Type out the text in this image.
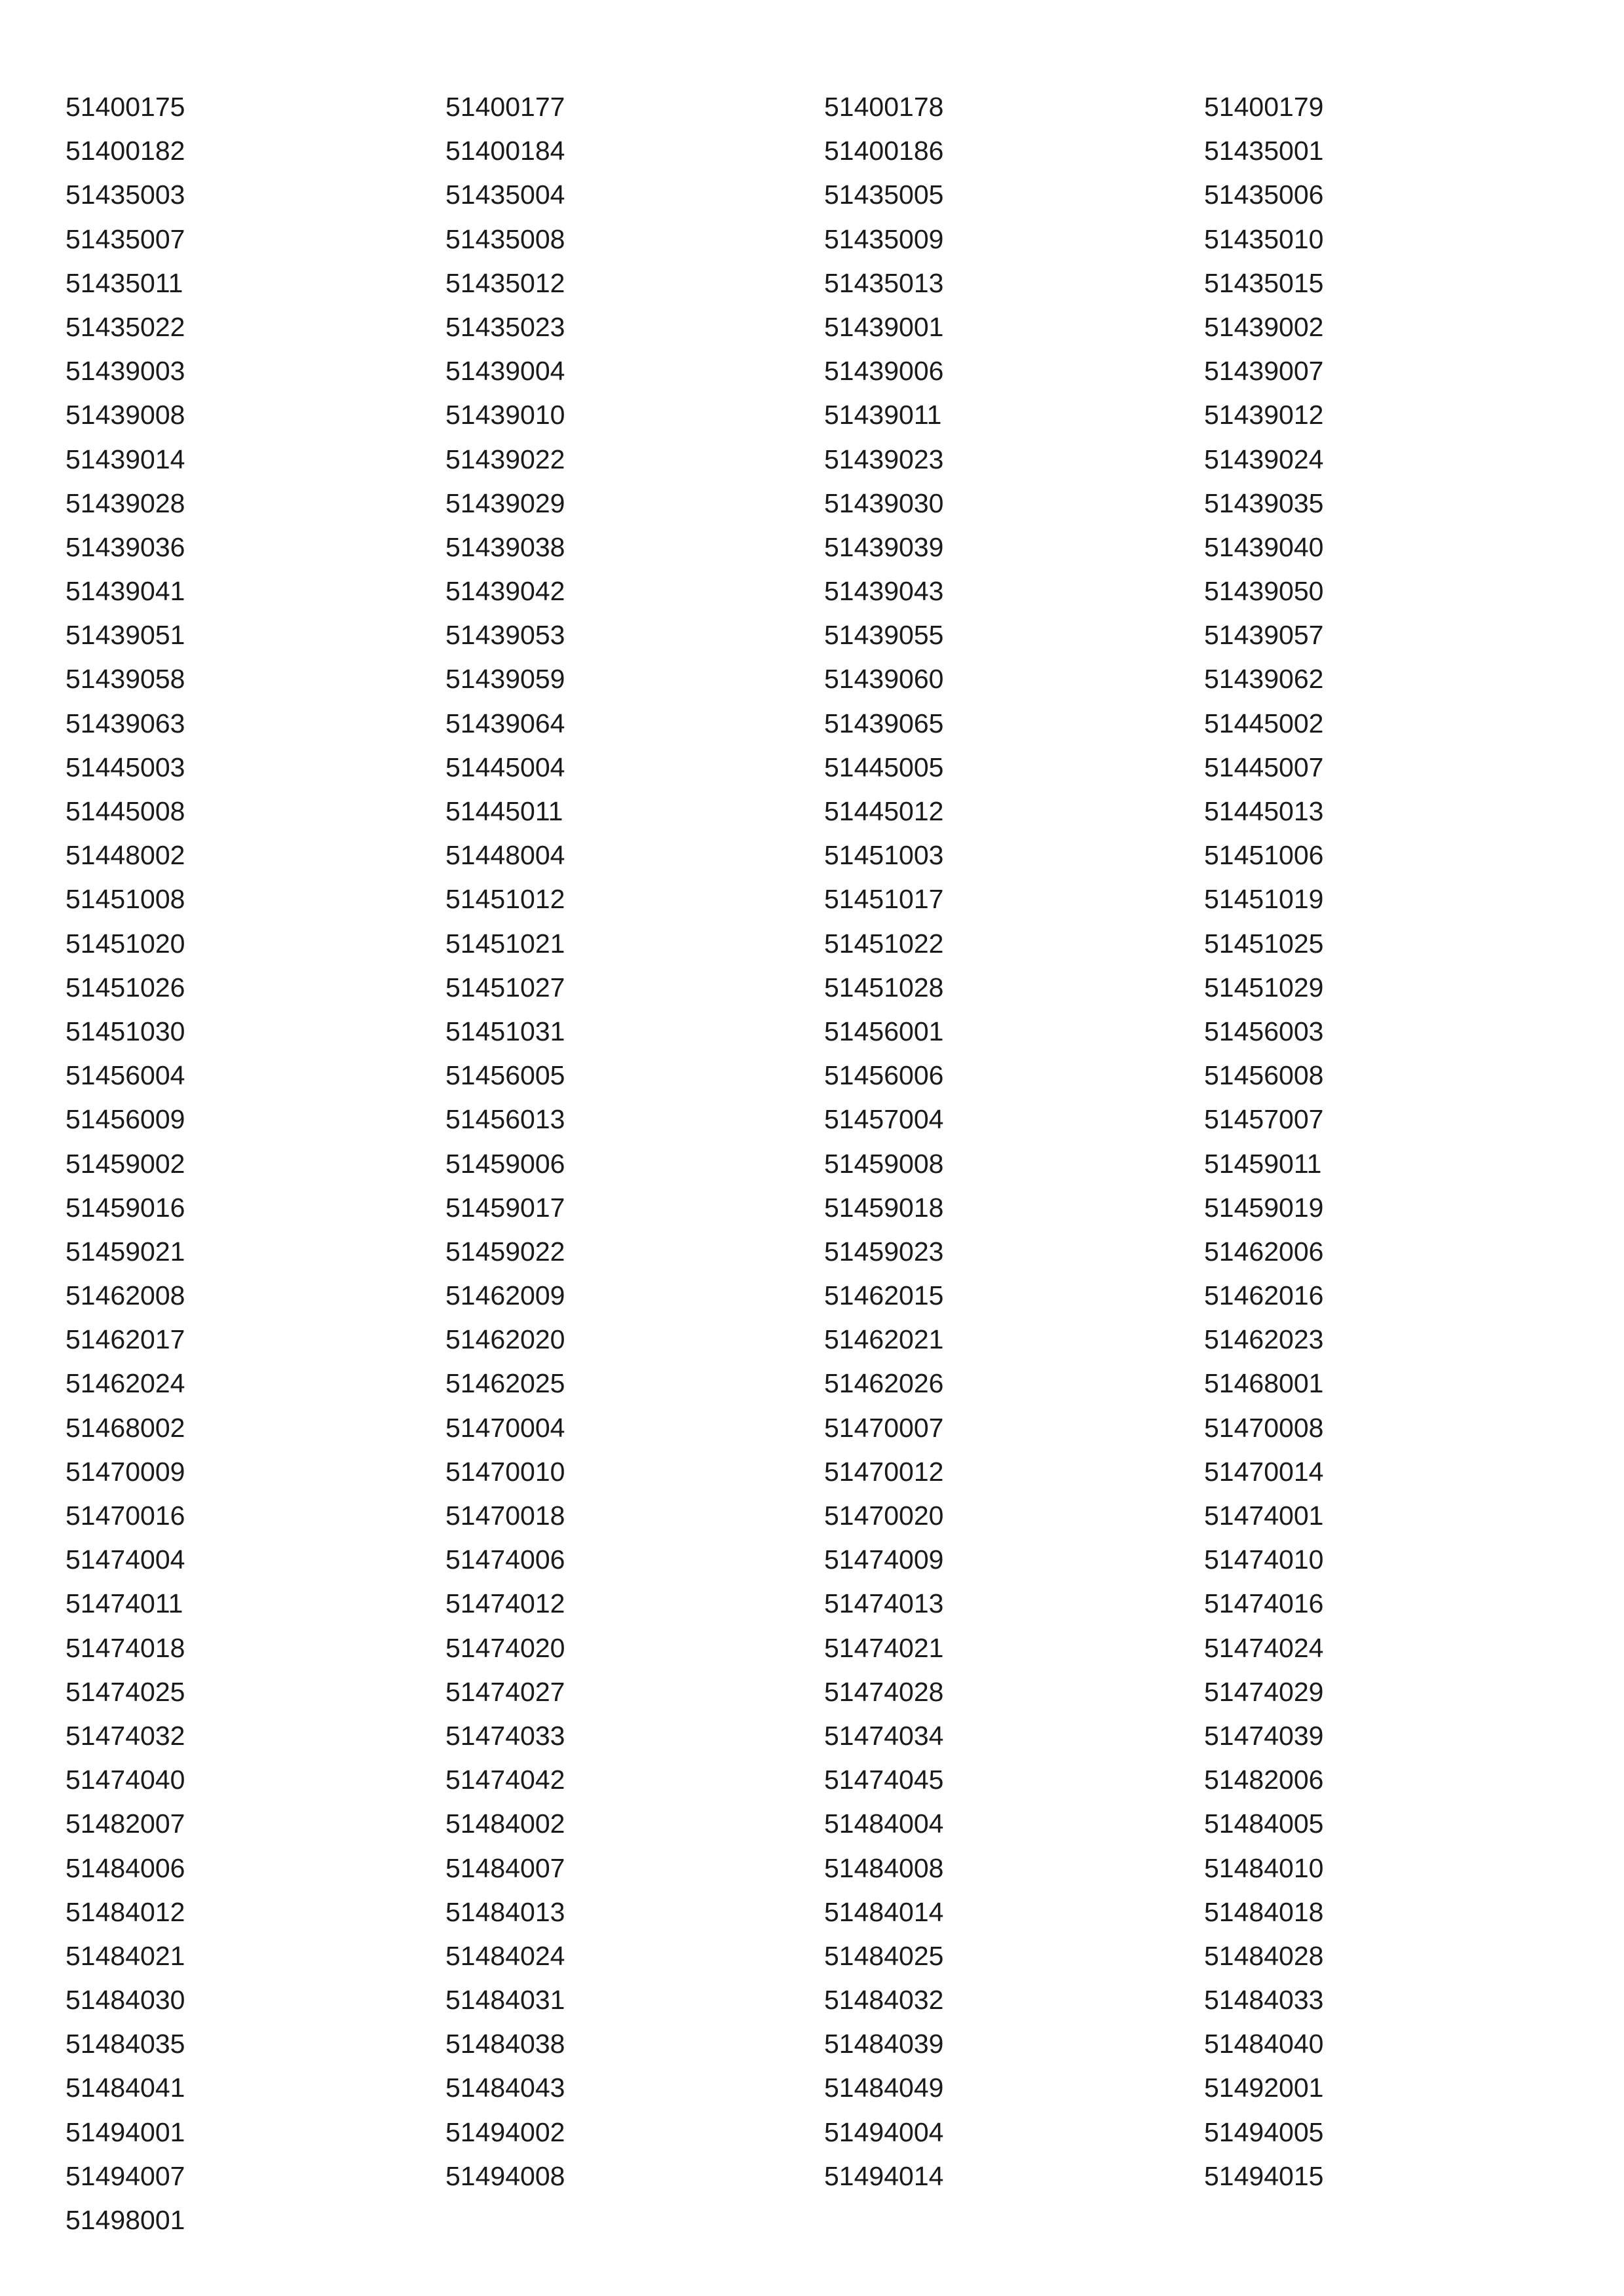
51400175	51400177	51400178	51400179
51400182	51400184	51400186	51435001
51435003	51435004	51435005	51435006
51435007	51435008	51435009	51435010
51435011	51435012	51435013	51435015
51435022	51435023	51439001	51439002
51439003	51439004	51439006	51439007
51439008	51439010	51439011	51439012
51439014	51439022	51439023	51439024
51439028	51439029	51439030	51439035
51439036	51439038	51439039	51439040
51439041	51439042	51439043	51439050
51439051	51439053	51439055	51439057
51439058	51439059	51439060	51439062
51439063	51439064	51439065	51445002
51445003	51445004	51445005	51445007
51445008	51445011	51445012	51445013
51448002	51448004	51451003	51451006
51451008	51451012	51451017	51451019
51451020	51451021	51451022	51451025
51451026	51451027	51451028	51451029
51451030	51451031	51456001	51456003
51456004	51456005	51456006	51456008
51456009	51456013	51457004	51457007
51459002	51459006	51459008	51459011
51459016	51459017	51459018	51459019
51459021	51459022	51459023	51462006
51462008	51462009	51462015	51462016
51462017	51462020	51462021	51462023
51462024	51462025	51462026	51468001
51468002	51470004	51470007	51470008
51470009	51470010	51470012	51470014
51470016	51470018	51470020	51474001
51474004	51474006	51474009	51474010
51474011	51474012	51474013	51474016
51474018	51474020	51474021	51474024
51474025	51474027	51474028	51474029
51474032	51474033	51474034	51474039
51474040	51474042	51474045	51482006
51482007	51484002	51484004	51484005
51484006	51484007	51484008	51484010
51484012	51484013	51484014	51484018
51484021	51484024	51484025	51484028
51484030	51484031	51484032	51484033
51484035	51484038	51484039	51484040
51484041	51484043	51484049	51492001
51494001	51494002	51494004	51494005
51494007	51494008	51494014	51494015
51498001
